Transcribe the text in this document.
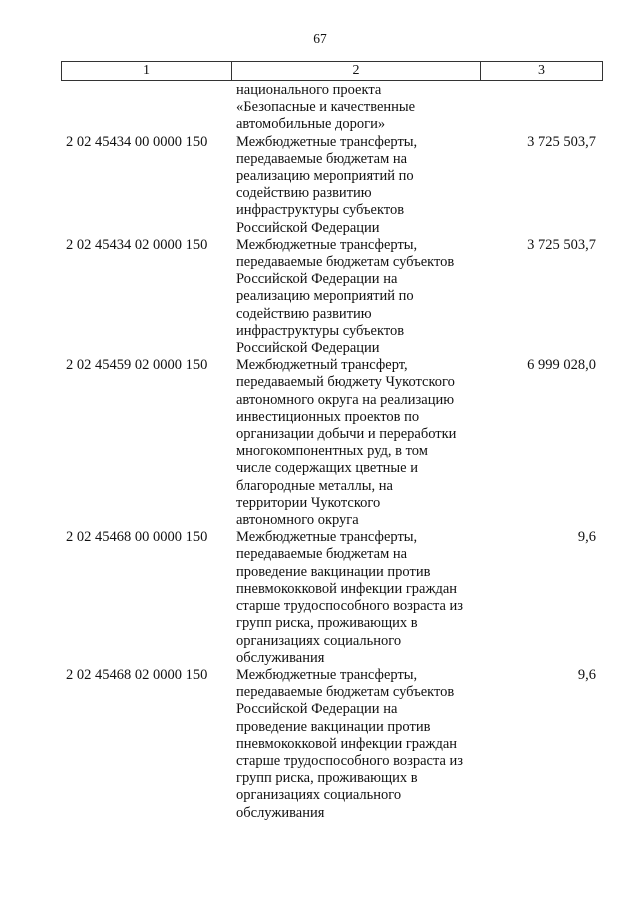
67
1	2	3
национального проекта
«Безопасные и качественные
автомобильные дороги»
2 02 45434 00 0000 150 Межбюджетные трансферты,
передаваемые бюджетам на
реализацию мероприятий по
содействию развитию
инфраструктуры субъектов
Российской Федерации
3 725 503,7
2 02 45434 02 0000 150 Межбюджетные трансферты,
передаваемые бюджетам субъектов
Российской Федерации на
реализацию мероприятий по
содействию развитию
инфраструктуры субъектов
Российской Федерации
3 725 503,7
2 02 45459 02 0000 150 Межбюджетный трансферт,
передаваемый бюджету Чукотского
автономного округа на реализацию
инвестиционных проектов по
организации добычи и переработки
многокомпонентных руд, в том
числе содержащих цветные и
благородные металлы, на
территории Чукотского
автономного округа
6 999 028,0
2 02 45468 00 0000 150 Межбюджетные трансферты,
передаваемые бюджетам на
проведение вакцинации против
пневмококковой инфекции граждан
старше трудоспособного возраста из
групп риска, проживающих в
организациях социального
обслуживания
9,6
2 02 45468 02 0000 150 Межбюджетные трансферты,
передаваемые бюджетам субъектов
Российской Федерации на
проведение вакцинации против
пневмококковой инфекции граждан
старше трудоспособного возраста из
групп риска, проживающих в
организациях социального
обслуживания
9,6
